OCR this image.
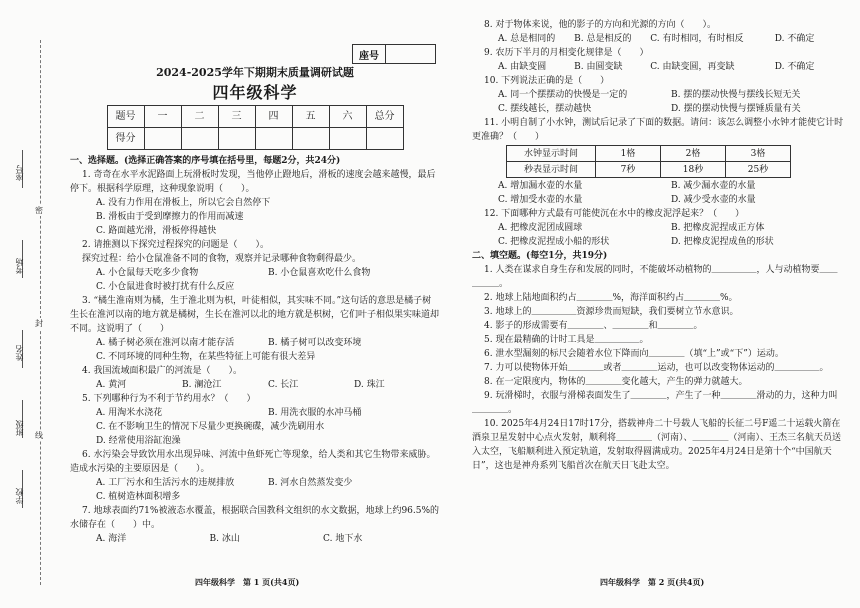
座号
考场
姓名
班级
学校
密
封
线
座号
2024-2025学年下期期末质量调研试题
四年级科学
题号	一	二	三	四	五	六	总分
得分							
一、选择题。(选择正确答案的序号填在括号里，每题2分，共24分)
1. 奇奇在水平水泥路面上玩滑板时发现，当他停止蹬地后，滑板的速度会越来越慢，最后停下。根据科学原理，这种现象说明（　　）。
A. 没有力作用在滑板上，所以它会自然停下
B. 滑板由于受到摩擦力的作用而减速
C. 路面越光滑，滑板停得越快
2. 请推测以下探究过程探究的问题是（　　）。
探究过程：给小仓鼠准备不同的食物，观察并记录哪种食物剩得最少。
A. 小仓鼠每天吃多少食物	B. 小仓鼠喜欢吃什么食物
C. 小仓鼠进食时被打扰有什么反应
3. “橘生淮南则为橘，生于淮北则为枳，叶徒相似，其实味不同。”这句话的意思是橘子树生长在淮河以南的地方就是橘树，生长在淮河以北的地方就是枳树，它们叶子相似果实味道却不同。这说明了（　　）
A. 橘子树必须在淮河以南才能存活	B. 橘子树可以改变环境
C. 不同环境的同种生物，在某些特征上可能有很大差异
4. 我国流域面积最广的河流是（　　）。
A. 黄河	B. 澜沧江	C. 长江	D. 珠江
5. 下列哪种行为不利于节约用水？（　　）
A. 用淘米水浇花	B. 用洗衣服的水冲马桶
C. 在不影响卫生的情况下尽量少更换碗碟，减少洗刷用水
D. 经常使用浴缸泡澡
6. 水污染会导致饮用水出现异味、河流中鱼虾死亡等现象，给人类和其它生物带来威胁。造成水污染的主要原因是（　　）。
A. 工厂污水和生活污水的违规排放	B. 河水自然蒸发变少
C. 植树造林面积增多
7. 地球表面约71%被液态水覆盖，根据联合国教科文组织的水文数据，地球上约96.5%的水储存在（　　）中。
A. 海洋	B. 冰山	C. 地下水
四年级科学　第 1 页(共4页)
8. 对于物体来说，他的影子的方向和光源的方向（　　）。
A. 总是相同的	B. 总是相反的	C. 有时相同，有时相反	D. 不确定
9. 农历下半月的月相变化规律是（　　）
A. 由缺变圆	B. 由圆变缺	C. 由缺变圆，再变缺	D. 不确定
10. 下列说法正确的是（　　）
A. 同一个摆摆动的快慢是一定的	B. 摆的摆动快慢与摆线长短无关
C. 摆线越长，摆动越快	D. 摆的摆动快慢与摆锤质量有关
11. 小明自制了小水钟，测试后记录了下面的数据。请问：该怎么调整小水钟才能使它计时更准确？（　　）
水钟显示时间	1格	2格	3格
秒表显示时间	7秒	18秒	25秒
A. 增加漏水壶的水量	B. 减少漏水壶的水量
C. 增加受水壶的水量	D. 减少受水壶的水量
12. 下面哪种方式最有可能使沉在水中的橡皮泥浮起来？（　　）
A. 把橡皮泥团成圆球	B. 把橡皮泥捏成正方体
C. 把橡皮泥捏成小船的形状	D. 把橡皮泥捏成鱼的形状
二、填空题。(每空1分，共19分)
1. 人类在谋求自身生存和发展的同时，不能破坏动植物的＿＿＿＿＿，人与动植物要＿＿＿＿＿。
2. 地球上陆地面积约占＿＿＿＿%，海洋面积约占＿＿＿＿%。
3. 地球上的＿＿＿＿＿资源珍贵而短缺，我们要树立节水意识。
4. 影子的形成需要有＿＿＿＿、＿＿＿＿和＿＿＿＿。
5. 现在最精确的计时工具是＿＿＿＿＿。
6. 泄水型漏刻的标尺会随着水位下降而向＿＿＿＿（填“上”或“下”）运动。
7. 力可以使物体开始＿＿＿＿或者＿＿＿＿运动，也可以改变物体运动的＿＿＿＿＿。
8. 在一定限度内，物体的＿＿＿＿变化越大，产生的弹力就越大。
9. 玩滑梯时，衣服与滑梯表面发生了＿＿＿＿，产生了一种＿＿＿＿滑动的力，这种力叫＿＿＿＿。
10. 2025年4月24日17时17分，搭载神舟二十号载人飞船的长征二号F遥二十运载火箭在酒泉卫星发射中心点火发射，顺利将＿＿＿＿（河南）、＿＿＿＿（河南）、王杰三名航天员送入太空，飞船顺利进入预定轨道，发射取得圆满成功。2025年4月24日是第十个“中国航天日”，这也是神舟系列飞船首次在航天日飞赴太空。
四年级科学　第 2 页(共4页)
